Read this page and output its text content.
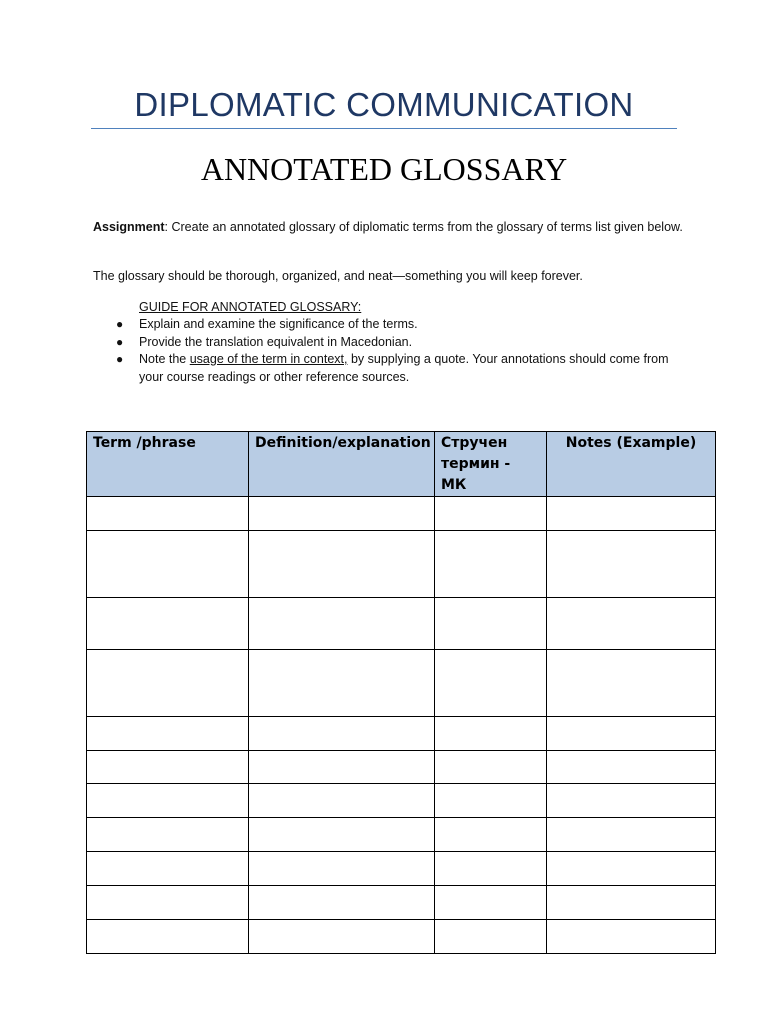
DIPLOMATIC COMMUNICATION
ANNOTATED GLOSSARY
Assignment: Create an annotated glossary of diplomatic terms from the glossary of terms list given below.
The glossary should be thorough, organized, and neat—something you will keep forever.
GUIDE FOR ANNOTATED GLOSSARY:
● Explain and examine the significance of the terms.
● Provide the translation equivalent in Macedonian.
● Note the usage of the term in context, by supplying a quote. Your annotations should come from your course readings or other reference sources.
Term /phrase	Definition/explanation	Стручен термин - МК	Notes (Example)
